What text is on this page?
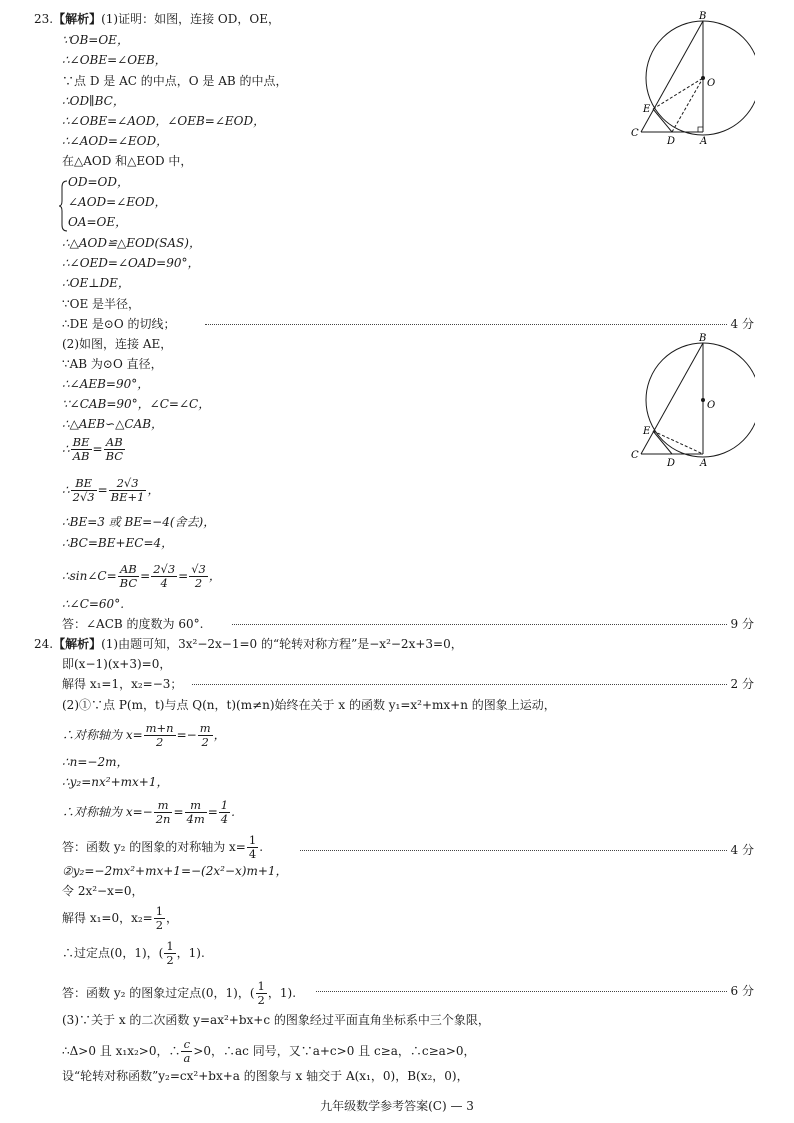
23.【解析】(1)证明：如图，连接 OD，OE，
∵OB=OE，
∴∠OBE=∠OEB，
∵点 D 是 AC 的中点，O 是 AB 的中点，
∴OD∥BC，
∴∠OBE=∠AOD，∠OEB=∠EOD，
∴∠AOD=∠EOD，
在△AOD 和△EOD 中，
OD=OD，
∠AOD=∠EOD，
OA=OE，
∴△AOD≌△EOD(SAS)，
∴∠OED=∠OAD=90°，
∴OE⊥DE，
∵OE 是半径，
∴DE 是⊙O 的切线；	4 分
(2)如图，连接 AE，
∵AB 为⊙O 直径，
∴∠AEB=90°，
∵∠CAB=90°，∠C=∠C，
∴△AEB∽△CAB，
∴ $\frac{BE}{AB} = \frac{AB}{BC}$
∴ $\frac{BE}{2√3} = \frac{2√3}{BE+1}$ ，
∴BE=3 或 BE=−4(舍去)，
∴BC=BE+EC=4，
∴sin∠C= $\frac{AB}{BC} = \frac{2√3}{4} = \frac{√3}{2}$ ，
∴∠C=60°.
答：∠ACB 的度数为 60°.	9 分
B
O
E
C
D A
B
O
E
C
D A
24.【解析】(1)由题可知，3x²−2x−1=0 的“轮转对称方程”是−x²−2x+3=0，
即(x−1)(x+3)=0，
解得 x₁=1，x₂=−3；	2 分
(2)①∵点 P(m，t)与点 Q(n，t)(m≠n)始终在关于 x 的函数 y₁=x²+mx+n 的图象上运动，
∴对称轴为 $x= \frac{m+n}{2} =- \frac{m}{2}$ ，
∴n=−2m，
∴y₂=nx²+mx+1，
∴对称轴为 $x=- \frac{m}{2n} = \frac{m}{4m} = \frac{1}{4}$ .
答：函数 y₂ 的图象的对称轴为 $x= \frac{1}{4}$ .	4 分
②y₂=−2mx²+mx+1=−(2x²−x)m+1，
令 2x²−x=0，
解得 x₁=0，$x_2= \frac{1}{2}$ ，
∴过定点(0，1)，( $\frac{1}{2}$ ，1).
答：函数 y₂ 的图象过定点(0，1)，( $\frac{1}{2}$ ，1).	6 分
(3)∵关于 x 的二次函数 y=ax²+bx+c 的图象经过平面直角坐标系中三个象限，
∴Δ>0 且 x₁x₂>0，∴ $\frac{c}{a} >0$，∴ac 同号，又∵a+c>0 且 c≥a，∴c≥a>0，
设“轮转对称函数”y₂=cx²+bx+a 的图象与 x 轴交于 A(x₁，0)，B(x₂，0)，
九年级数学参考答案(C) — 3
